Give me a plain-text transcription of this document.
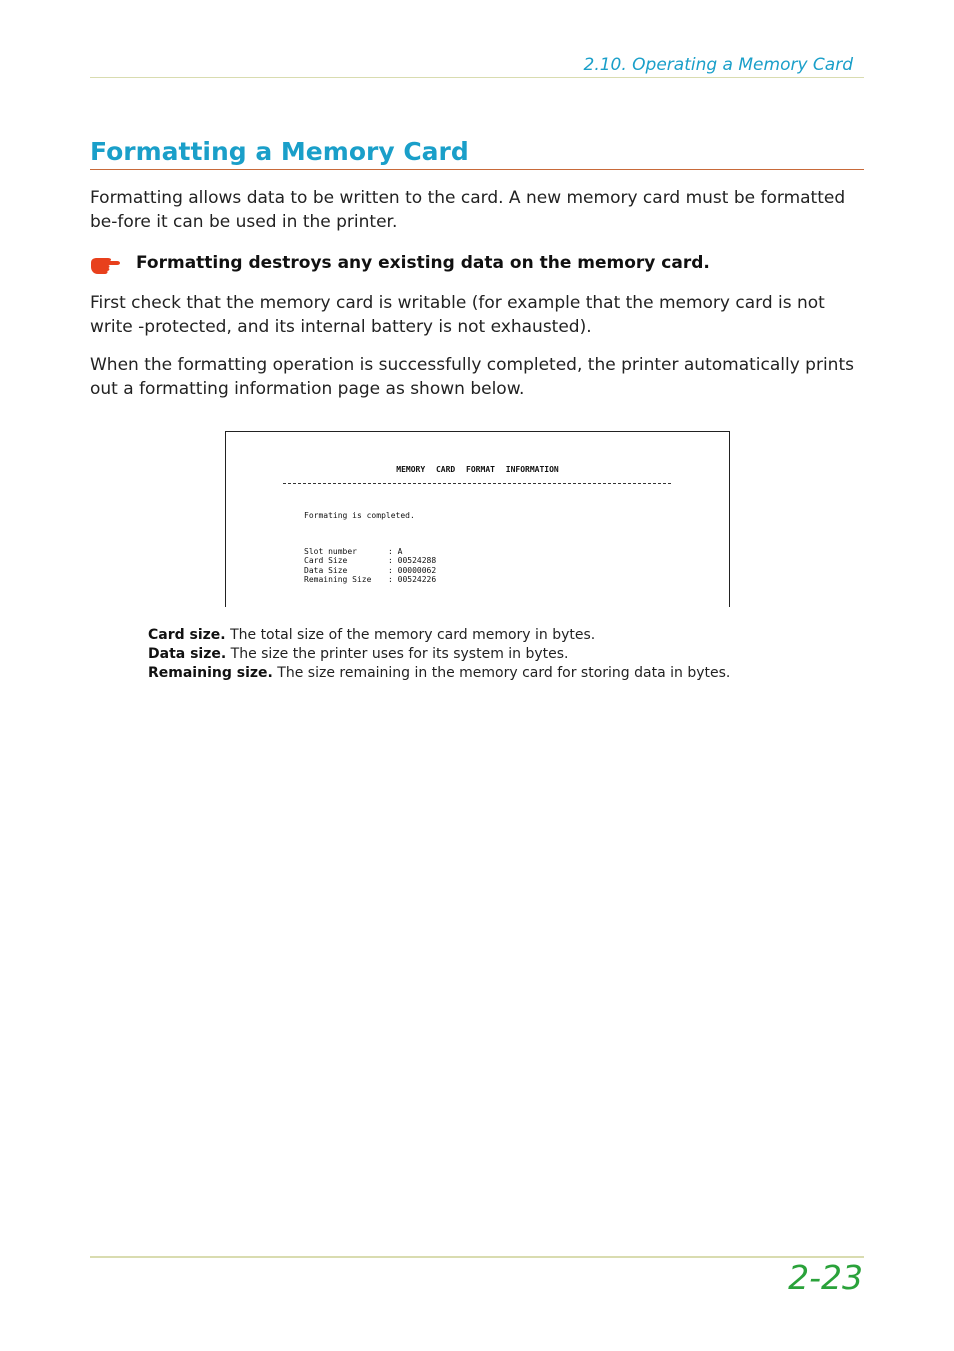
2.10. Operating a Memory Card
Formatting a Memory Card

Formatting allows data to be written to the card. A new memory card must be formatted be-fore it can be used in the printer.

Formatting destroys any existing data on the memory card.

First check that the memory card is writable (for example that the memory card is not write -protected, and its internal battery is not exhausted).

When the formatting operation is successfully completed, the printer automatically prints out a formatting information page as shown below.

MEMORY CARD FORMAT INFORMATION
Formating is completed.
Slot number	: A
Card Size	: 00524288
Data Size	: 00000062
Remaining Size	: 00524226
Card size. The total size of the memory card memory in bytes.
Data size. The size the printer uses for its system in bytes.
Remaining size. The size remaining in the memory card for storing data in bytes.
2-23
